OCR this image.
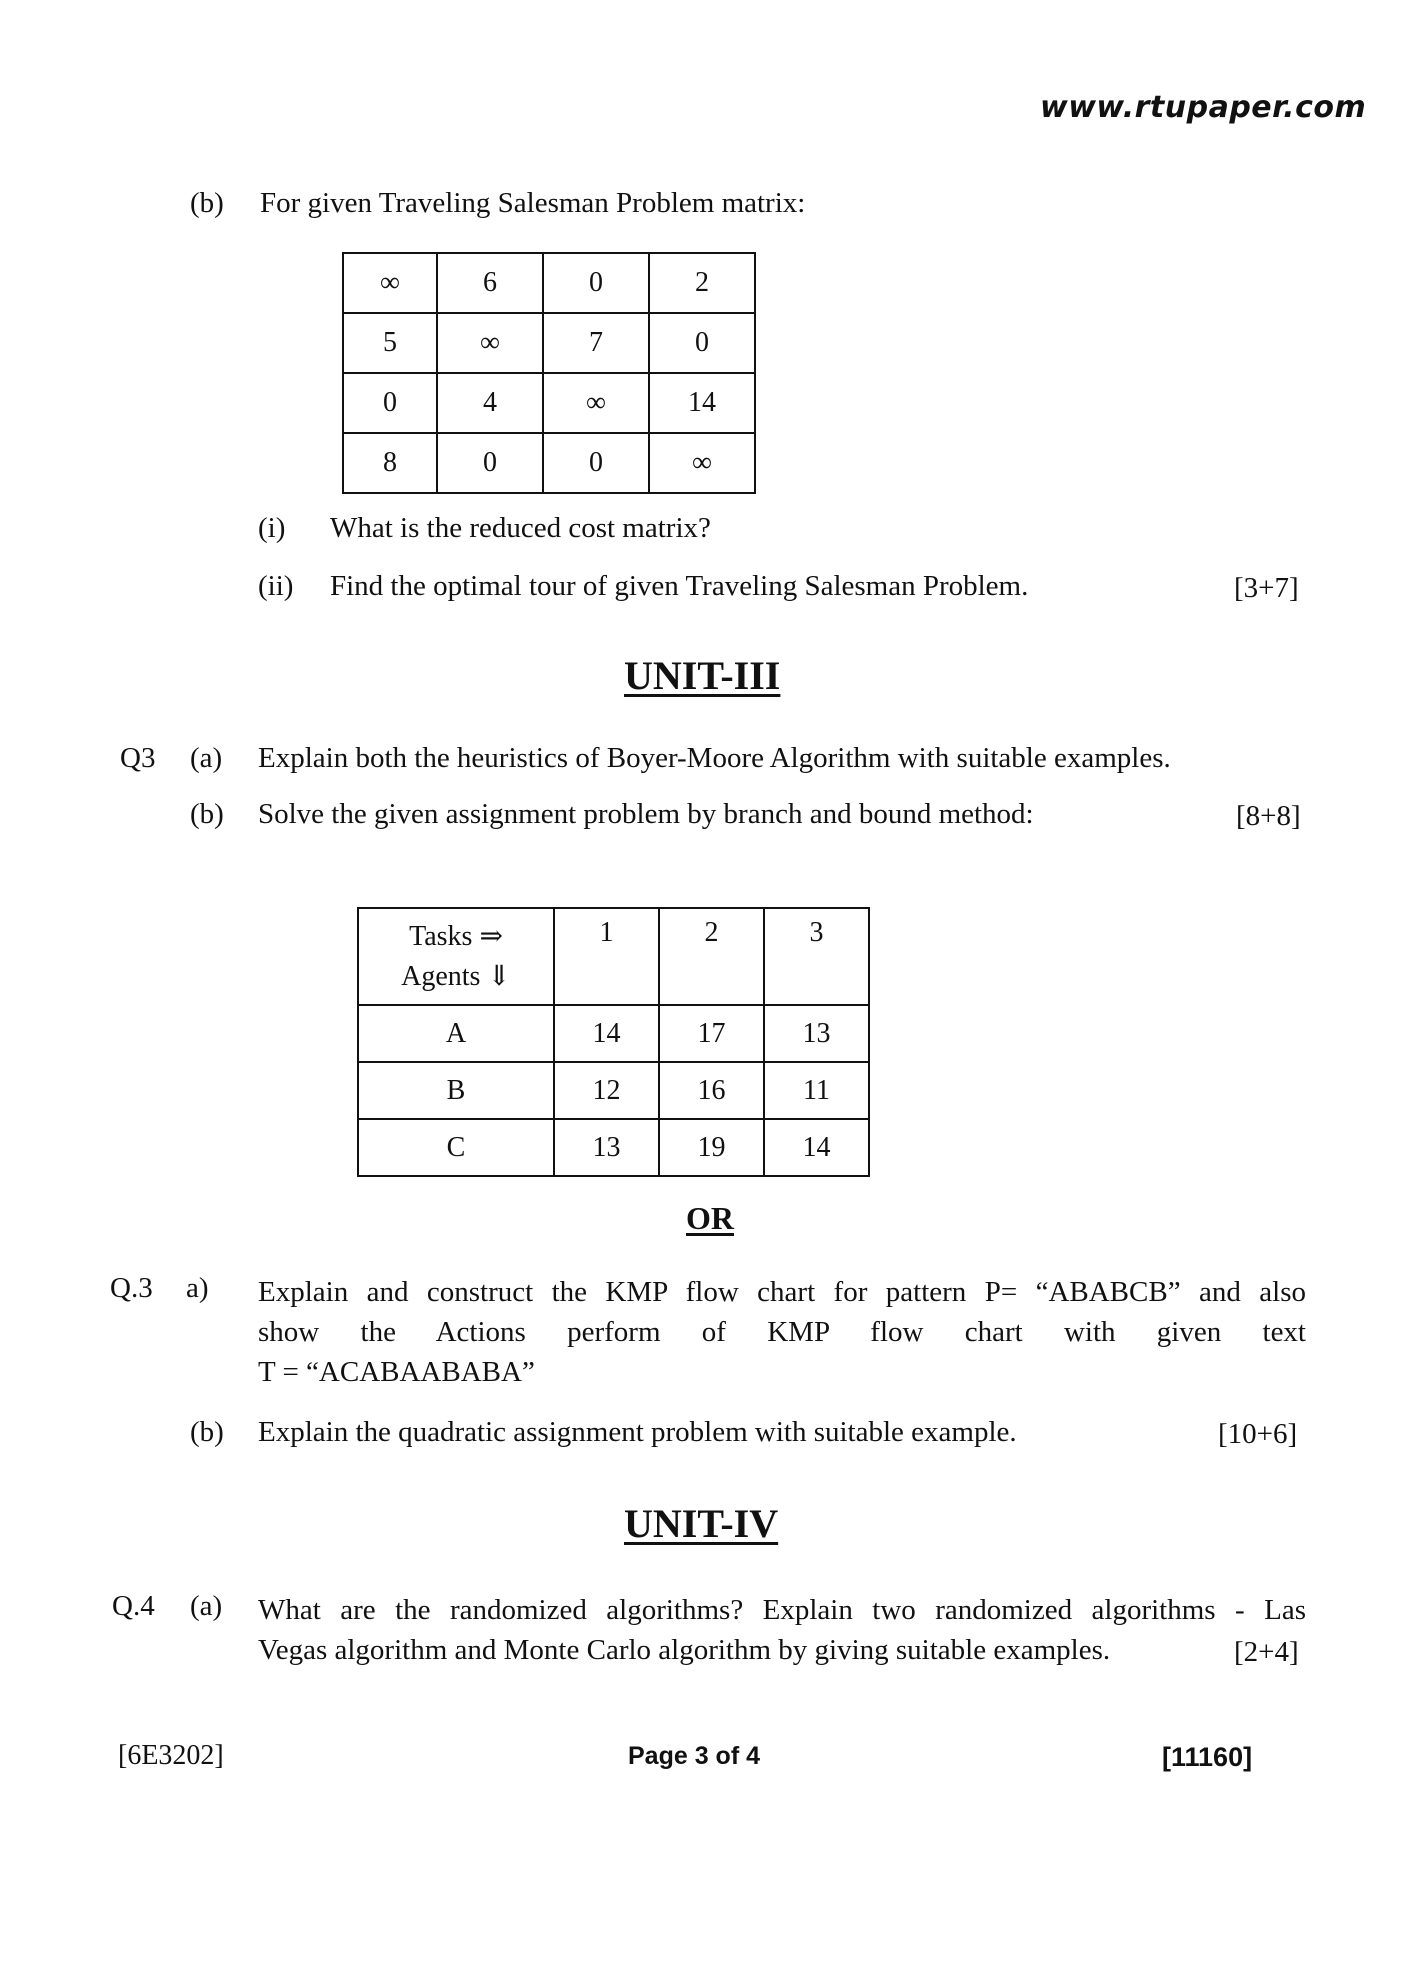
www.rtupaper.com
(b) For given Traveling Salesman Problem matrix:
∞	6	0	2
5	∞	7	0
0	4	∞	14
8	0	0	∞
(i) What is the reduced cost matrix?
(ii) Find the optimal tour of given Traveling Salesman Problem.	[3+7]
UNIT-III
Q3 (a) Explain both the heuristics of Boyer-Moore Algorithm with suitable examples.
(b) Solve the given assignment problem by branch and bound method:	[8+8]
Tasks ⇒
Agents ⇓	1	2	3
A	14	17	13
B	12	16	11
C	13	19	14
OR
Q.3 a) Explain and construct the KMP flow chart for pattern P= “ABABCB” and also
show the Actions perform of KMP flow chart with given text
T = “ACABAABABA”
(b) Explain the quadratic assignment problem with suitable example.	[10+6]
UNIT-IV
Q.4 (a) What are the randomized algorithms? Explain two randomized algorithms - Las
Vegas algorithm and Monte Carlo algorithm by giving suitable examples.	[2+4]
[6E3202]	Page 3 of 4	[11160]
